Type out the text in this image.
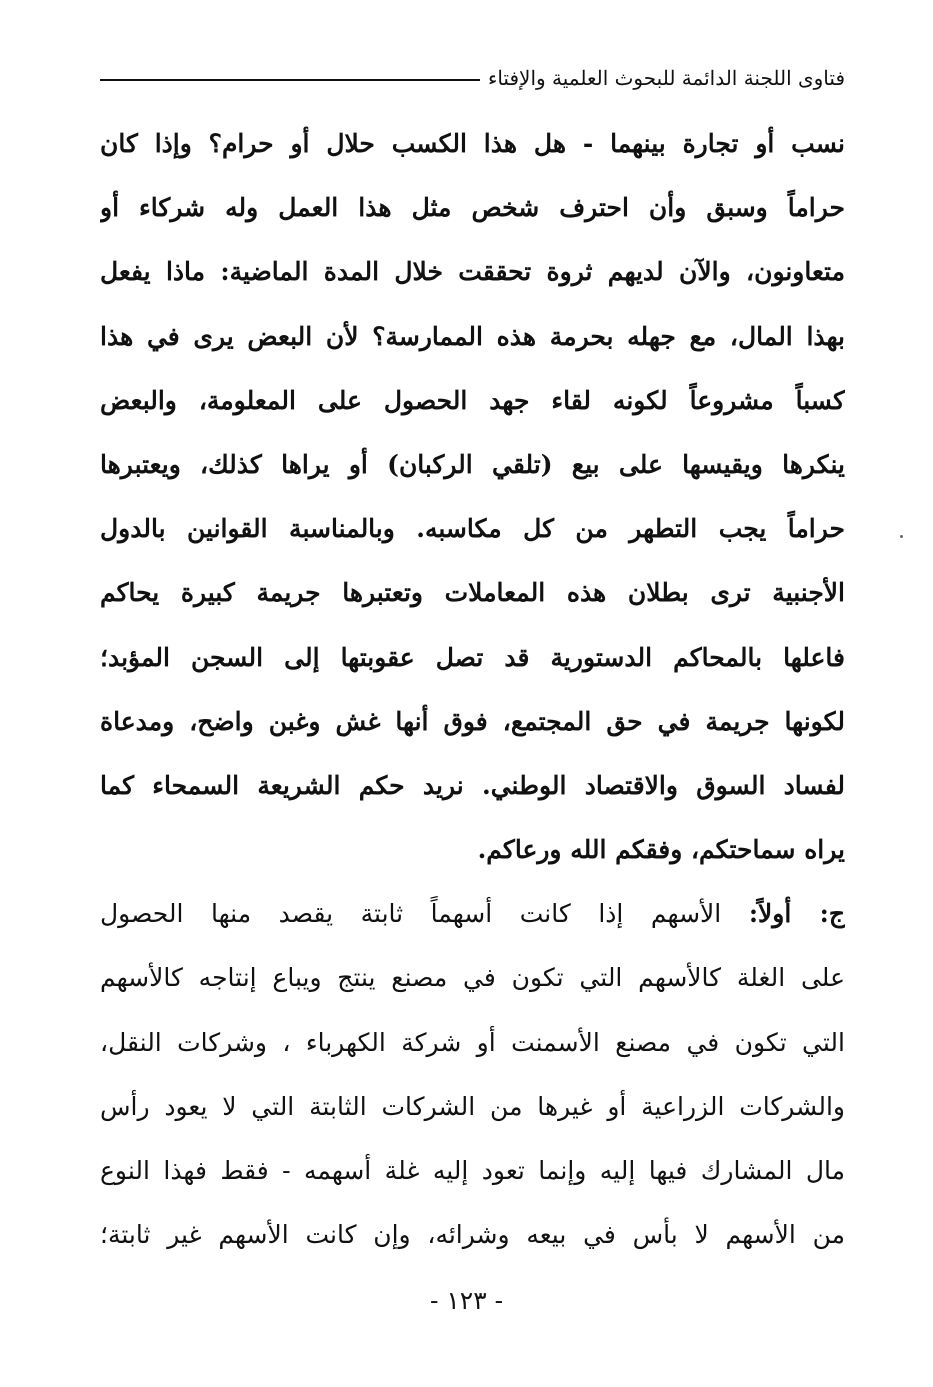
فتاوى اللجنة الدائمة للبحوث العلمية والإفتاء
نسب أو تجارة بينهما - هل هذا الكسب حلال أو حرام؟ وإذا كان
حراماً وسبق وأن احترف شخص مثل هذا العمل وله شركاء أو
متعاونون، والآن لديهم ثروة تحققت خلال المدة الماضية: ماذا يفعل
بهذا المال، مع جهله بحرمة هذه الممارسة؟ لأن البعض يرى في هذا
كسباً مشروعاً لكونه لقاء جهد الحصول على المعلومة، والبعض
ينكرها ويقيسها على بيع (تلقي الركبان) أو يراها كذلك، ويعتبرها
حراماً يجب التطهر من كل مكاسبه. وبالمناسبة القوانين بالدول
الأجنبية ترى بطلان هذه المعاملات وتعتبرها جريمة كبيرة يحاكم
فاعلها بالمحاكم الدستورية قد تصل عقوبتها إلى السجن المؤبد؛
لكونها جريمة في حق المجتمع، فوق أنها غش وغبن واضح، ومدعاة
لفساد السوق والاقتصاد الوطني. نريد حكم الشريعة السمحاء كما
يراه سماحتكم، وفقكم الله ورعاكم.
ج: أولاً: الأسهم إذا كانت أسهماً ثابتة يقصد منها الحصول
على الغلة كالأسهم التي تكون في مصنع ينتج ويباع إنتاجه كالأسهم
التي تكون في مصنع الأسمنت أو شركة الكهرباء ، وشركات النقل،
والشركات الزراعية أو غيرها من الشركات الثابتة التي لا يعود رأس
مال المشارك فيها إليه وإنما تعود إليه غلة أسهمه - فقط فهذا النوع
من الأسهم لا بأس في بيعه وشرائه، وإن كانت الأسهم غير ثابتة؛
- ١٢٣ -
